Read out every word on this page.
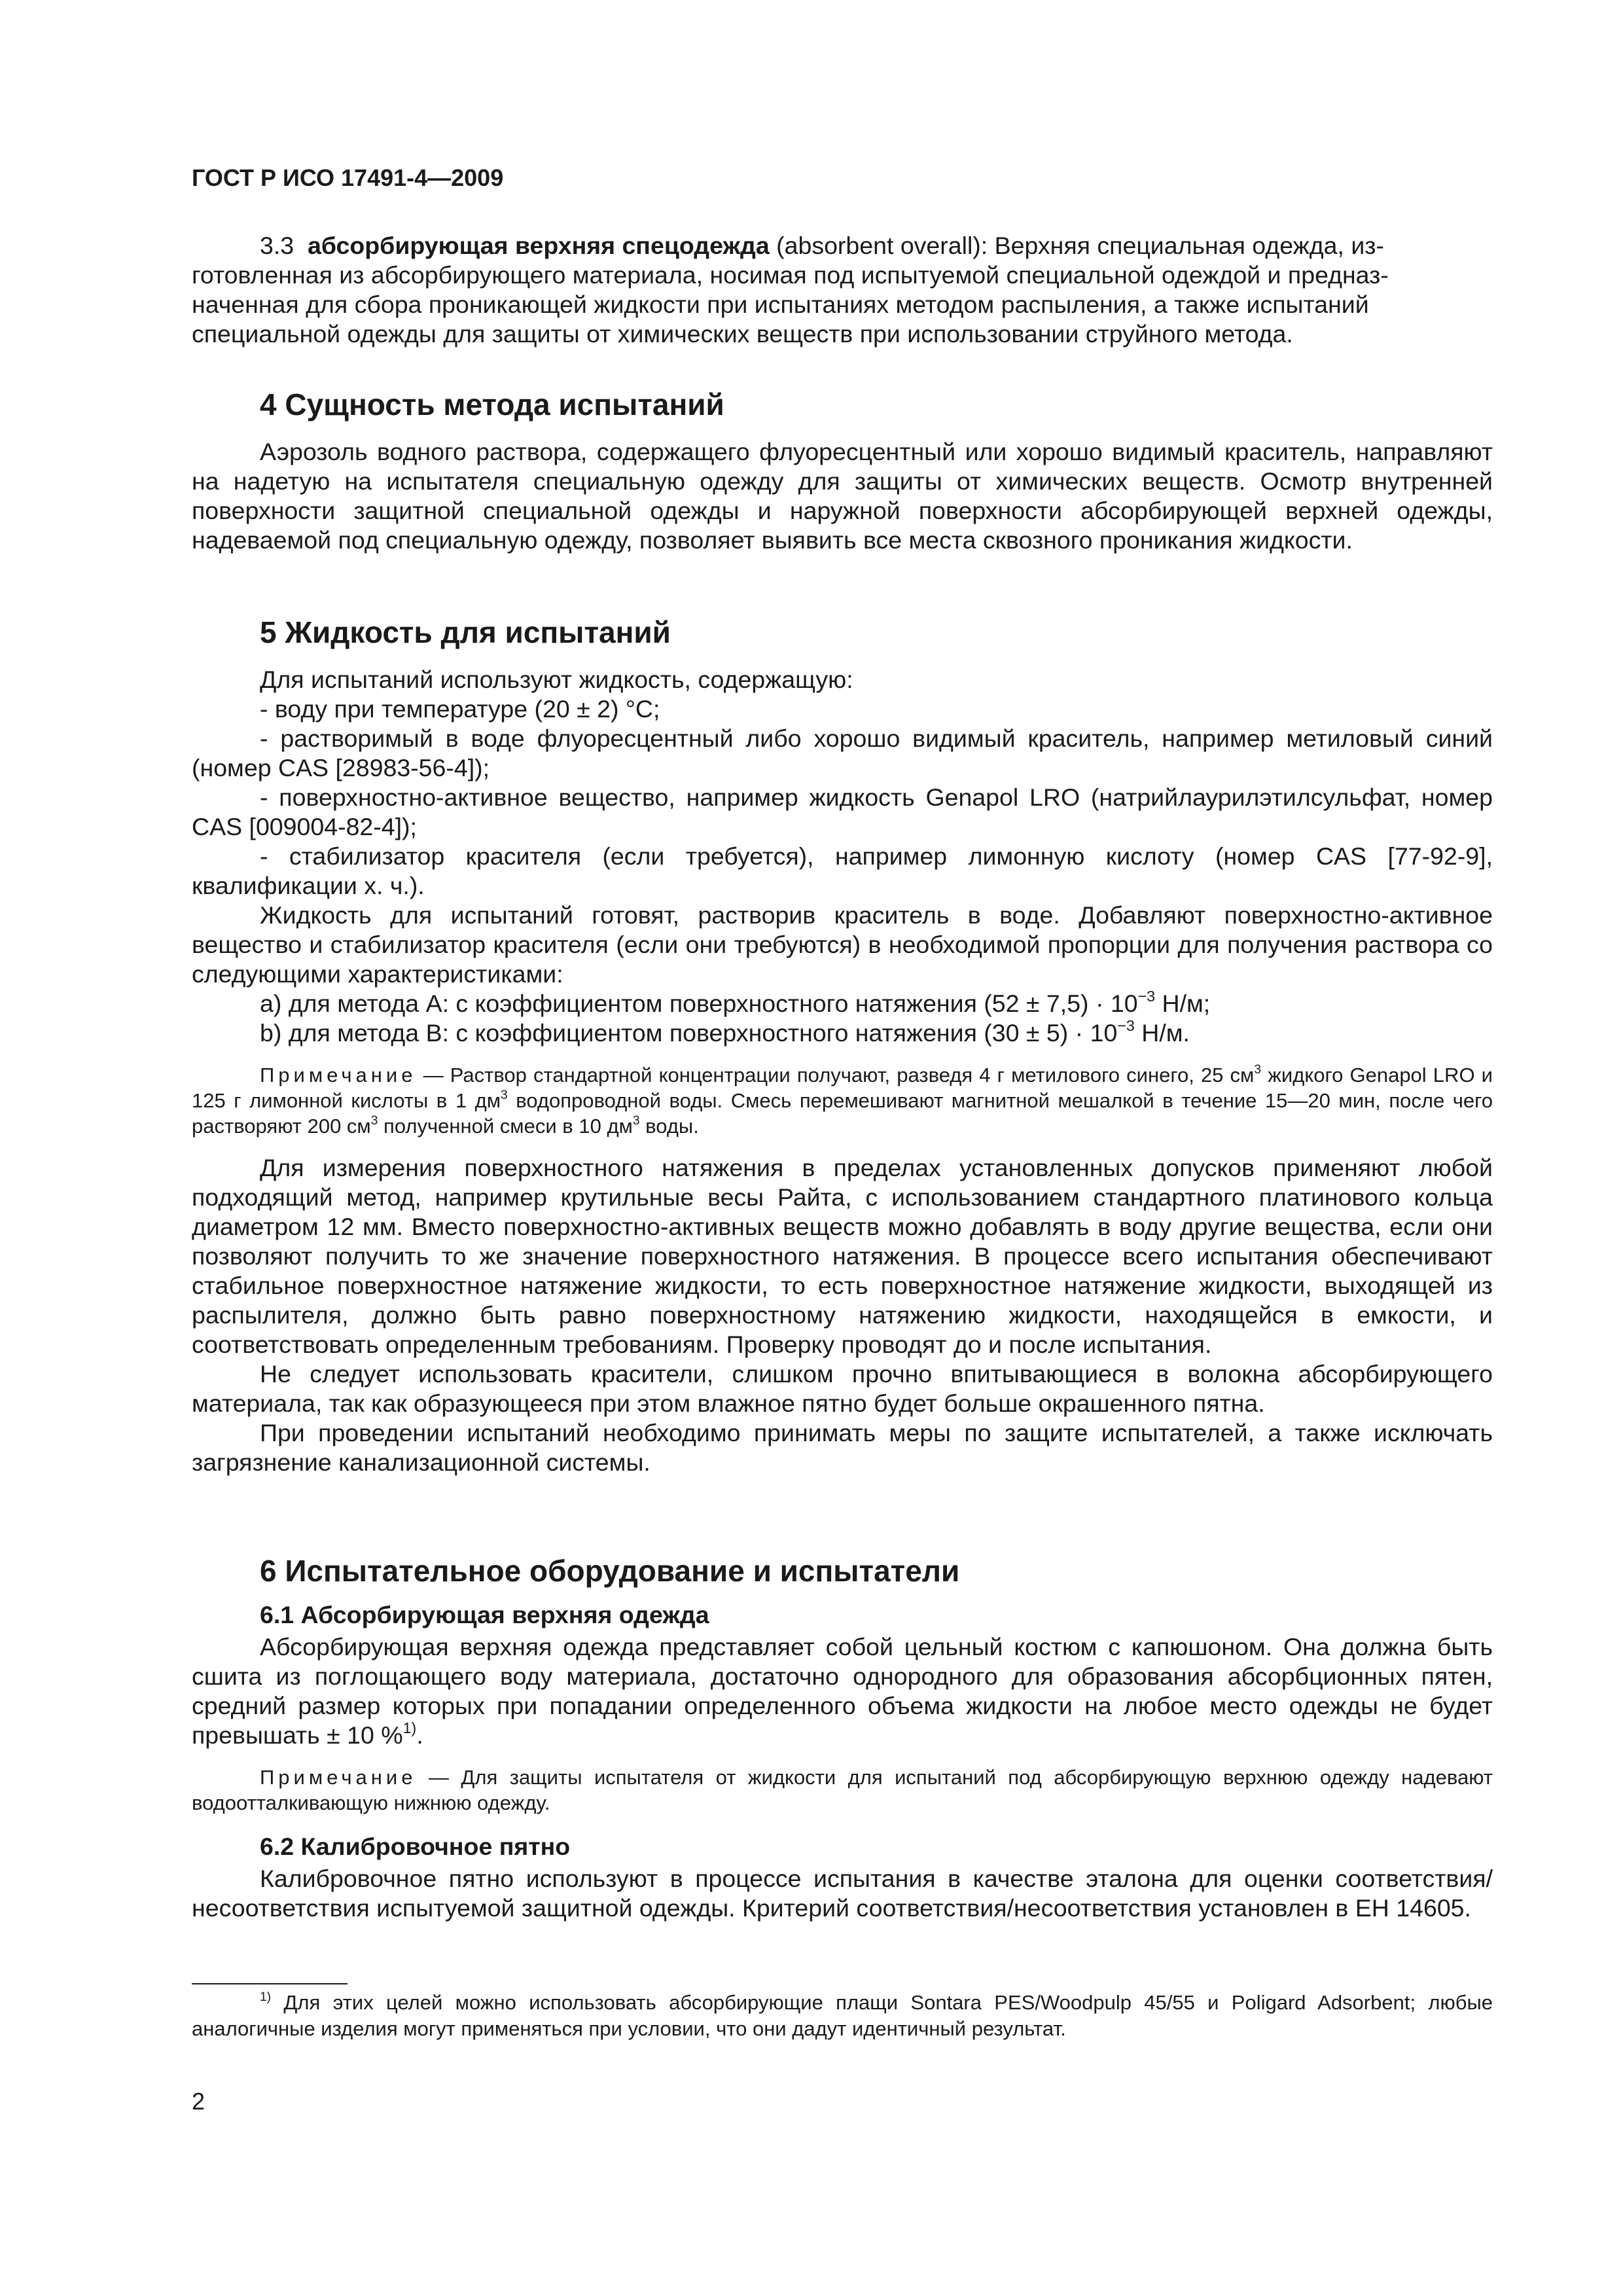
ГОСТ Р ИСО 17491-4—2009

3.3 абсорбирующая верхняя спецодежда (absorbent overall): Верхняя специальная одежда, из-

готовленная из абсорбирующего материала, носимая под испытуемой специальной одеждой и предназ-

наченная для сбора проникающей жидкости при испытаниях методом распыления, а также испытаний

специальной одежды для защиты от химических веществ при использовании струйного метода.

4 Сущность метода испытаний

Аэрозоль водного раствора, содержащего флуоресцентный или хорошо видимый краситель, направляют на надетую на испытателя специальную одежду для защиты от химических веществ. Осмотр внутренней поверхности защитной специальной одежды и наружной поверхности абсорбирующей верхней одежды, надеваемой под специальную одежду, позволяет выявить все места сквозного проникания жидкости.

5 Жидкость для испытаний

Для испытаний используют жидкость, содержащую:

- воду при температуре (20 ± 2) °С;

- растворимый в воде флуоресцентный либо хорошо видимый краситель, например метиловый синий (номер CAS [28983-56-4]);

- поверхностно-активное вещество, например жидкость Genapol LRO (натрийлаурилэтилсульфат, номер CAS [009004-82-4]);

- стабилизатор красителя (если требуется), например лимонную кислоту (номер CAS [77-92-9], квалификации х. ч.).

Жидкость для испытаний готовят, растворив краситель в воде. Добавляют поверхностно-активное вещество и стабилизатор красителя (если они требуются) в необходимой пропорции для получения раствора со следующими характеристиками:

a) для метода А: с коэффициентом поверхностного натяжения $(52 \pm 7,5) \cdot 10^{-3}$ Н/м;

b) для метода В: с коэффициентом поверхностного натяжения $(30 \pm 5) \cdot 10^{-3}$ Н/м.

Примечание — Раствор стандартной концентрации получают, разведя 4 г метилового синего, 25 $см^3$ жидкого Genapol LRO и 125 г лимонной кислоты в 1 $дм^3$ водопроводной воды. Смесь перемешивают магнитной мешалкой в течение 15—20 мин, после чего растворяют 200 $см^3$ полученной смеси в 10 $дм^3$ воды.

Для измерения поверхностного натяжения в пределах установленных допусков применяют любой подходящий метод, например крутильные весы Райта, с использованием стандартного платинового кольца диаметром 12 мм. Вместо поверхностно-активных веществ можно добавлять в воду другие вещества, если они позволяют получить то же значение поверхностного натяжения. В процессе всего испытания обеспечивают стабильное поверхностное натяжение жидкости, то есть поверхностное натяжение жидкости, выходящей из распылителя, должно быть равно поверхностному натяжению жидкости, находящейся в емкости, и соответствовать определенным требованиям. Проверку проводят до и после испытания.

Не следует использовать красители, слишком прочно впитывающиеся в волокна абсорбирующего материала, так как образующееся при этом влажное пятно будет больше окрашенного пятна.

При проведении испытаний необходимо принимать меры по защите испытателей, а также исключать загрязнение канализационной системы.

6 Испытательное оборудование и испытатели
6.1 Абсорбирующая верхняя одежда

Абсорбирующая верхняя одежда представляет собой цельный костюм с капюшоном. Она должна быть сшита из поглощающего воду материала, достаточно однородного для образования абсорбционных пятен, средний размер которых при попадании определенного объема жидкости на любое место одежды не будет превышать ± 10 %$^{1)}$.

Примечание — Для защиты испытателя от жидкости для испытаний под абсорбирующую верхнюю одежду надевают водоотталкивающую нижнюю одежду.

6.2 Калибровочное пятно

Калибровочное пятно используют в процессе испытания в качестве эталона для оценки соответствия/несоответствия испытуемой защитной одежды. Критерий соответствия/несоответствия установлен в ЕН 14605.

$^{1)}$ Для этих целей можно использовать абсорбирующие плащи Sontara PES/Woodpulp 45/55 и Poligard Adsorbent; любые аналогичные изделия могут применяться при условии, что они дадут идентичный результат.

2
